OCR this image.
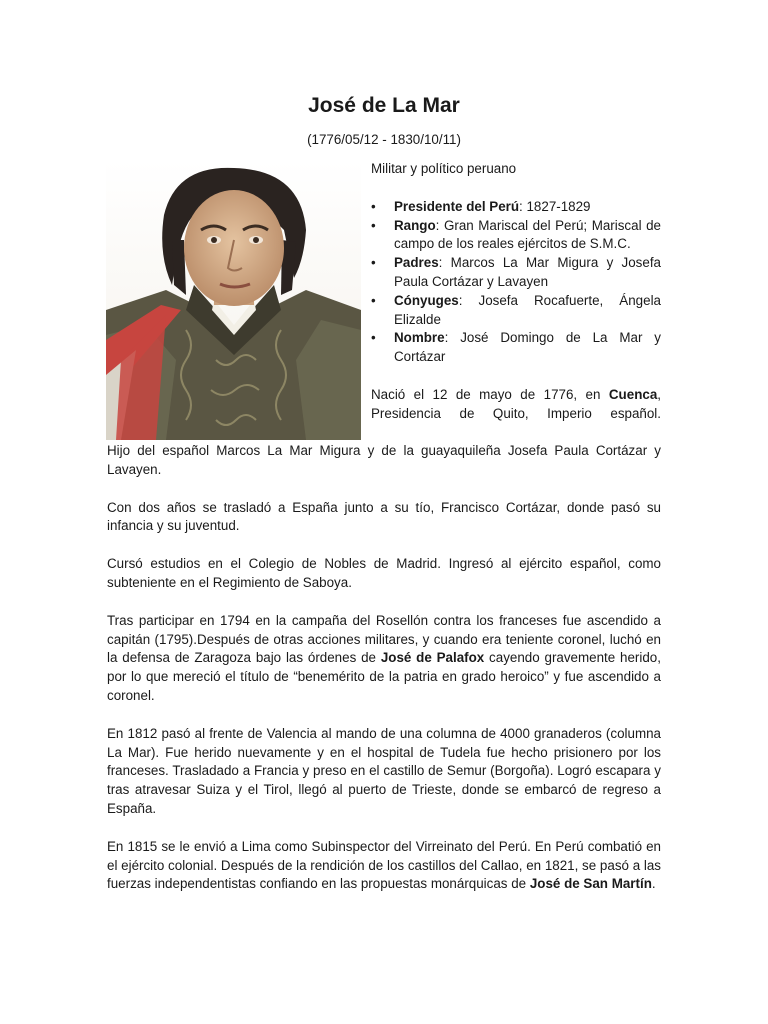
José de La Mar
(1776/05/12 - 1830/10/11)

Militar y político peruano

• Presidente del Perú: 1827-1829
• Rango: Gran Mariscal del Perú; Mariscal de campo de los reales ejércitos de S.M.C.
• Padres: Marcos La Mar Migura y Josefa Paula Cortázar y Lavayen
• Cónyuges: Josefa Rocafuerte, Ángela Elizalde
• Nombre: José Domingo de La Mar y Cortázar

Nació el 12 de mayo de 1776, en Cuenca, Presidencia de Quito, Imperio español.

Hijo del español Marcos La Mar Migura y de la guayaquileña Josefa Paula Cortázar y Lavayen.

Con dos años se trasladó a España junto a su tío, Francisco Cortázar, donde pasó su infancia y su juventud.

Cursó estudios en el Colegio de Nobles de Madrid. Ingresó al ejército español, como subteniente en el Regimiento de Saboya.

Tras participar en 1794 en la campaña del Rosellón contra los franceses fue ascendido a capitán (1795).Después de otras acciones militares, y cuando era teniente coronel, luchó en la defensa de Zaragoza bajo las órdenes de José de Palafox cayendo gravemente herido, por lo que mereció el título de “benemérito de la patria en grado heroico” y fue ascendido a coronel.

En 1812 pasó al frente de Valencia al mando de una columna de 4000 granaderos (columna La Mar). Fue herido nuevamente y en el hospital de Tudela fue hecho prisionero por los franceses. Trasladado a Francia y preso en el castillo de Semur (Borgoña). Logró escapara y tras atravesar Suiza y el Tirol, llegó al puerto de Trieste, donde se embarcó de regreso a España.

En 1815 se le envió a Lima como Subinspector del Virreinato del Perú. En Perú combatió en el ejército colonial. Después de la rendición de los castillos del Callao, en 1821, se pasó a las fuerzas independentistas confiando en las propuestas monárquicas de José de San Martín.
